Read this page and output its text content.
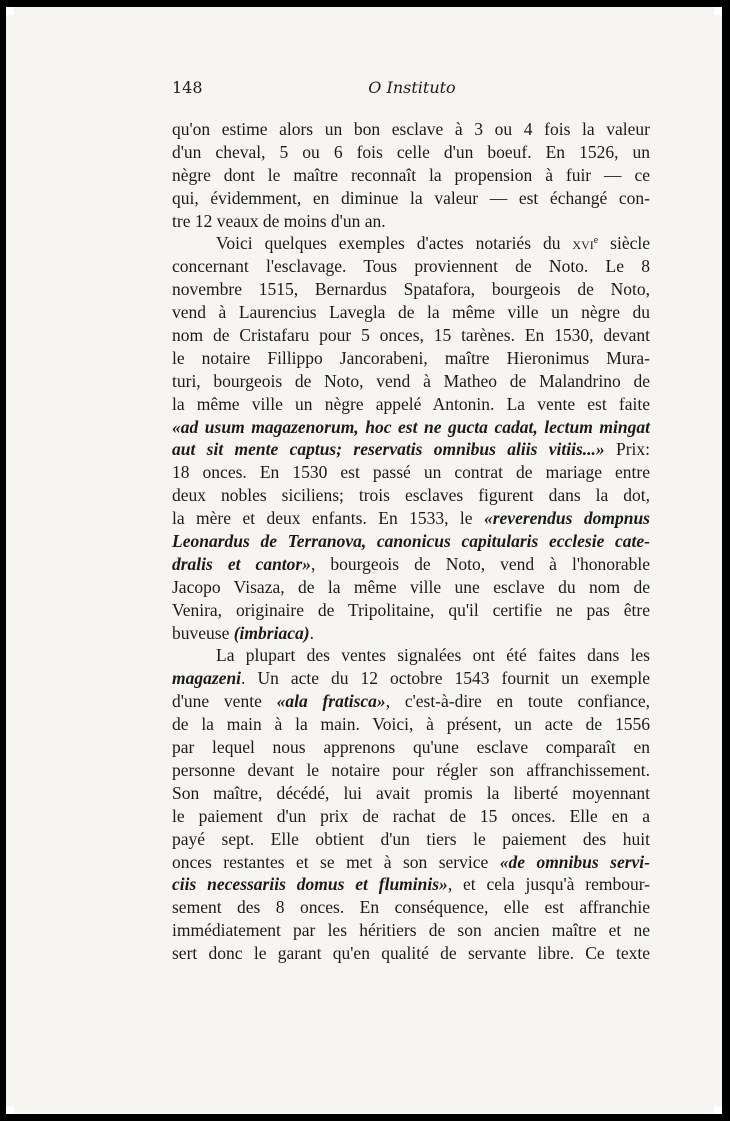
148	O Instituto
qu'on estime alors un bon esclave à 3 ou 4 fois la valeur
d'un cheval, 5 ou 6 fois celle d'un boeuf. En 1526, un
nègre dont le maître reconnaît la propension à fuir — ce
qui, évidemment, en diminue la valeur — est échangé con-
tre 12 veaux de moins d'un an.
Voici quelques exemples d'actes notariés du xvi$^e$ siècle
concernant l'esclavage. Tous proviennent de Noto. Le 8
novembre 1515, Bernardus Spatafora, bourgeois de Noto,
vend à Laurencius Lavegla de la même ville un nègre du
nom de Cristafaru pour 5 onces, 15 tarènes. En 1530, devant
le notaire Fillippo Jancorabeni, maître Hieronimus Mura-
turi, bourgeois de Noto, vend à Matheo de Malandrino de
la même ville un nègre appelé Antonin. La vente est faite
«ad usum magazenorum, hoc est ne gucta cadat, lectum mingat
aut sit mente captus; reservatis omnibus aliis vitiis...» Prix:
18 onces. En 1530 est passé un contrat de mariage entre
deux nobles siciliens; trois esclaves figurent dans la dot,
la mère et deux enfants. En 1533, le «reverendus dompnus
Leonardus de Terranova, canonicus capitularis ecclesie cate-
dralis et cantor», bourgeois de Noto, vend à l'honorable
Jacopo Visaza, de la même ville une esclave du nom de
Venira, originaire de Tripolitaine, qu'il certifie ne pas être
buveuse (imbriaca).
La plupart des ventes signalées ont été faites dans les
magazeni. Un acte du 12 octobre 1543 fournit un exemple
d'une vente «ala fratisca», c'est-à-dire en toute confiance,
de la main à la main. Voici, à présent, un acte de 1556
par lequel nous apprenons qu'une esclave comparaît en
personne devant le notaire pour régler son affranchissement.
Son maître, décédé, lui avait promis la liberté moyennant
le paiement d'un prix de rachat de 15 onces. Elle en a
payé sept. Elle obtient d'un tiers le paiement des huit
onces restantes et se met à son service «de omnibus servi-
ciis necessariis domus et fluminis», et cela jusqu'à rembour-
sement des 8 onces. En conséquence, elle est affranchie
immédiatement par les héritiers de son ancien maître et ne
sert donc le garant qu'en qualité de servante libre. Ce texte
